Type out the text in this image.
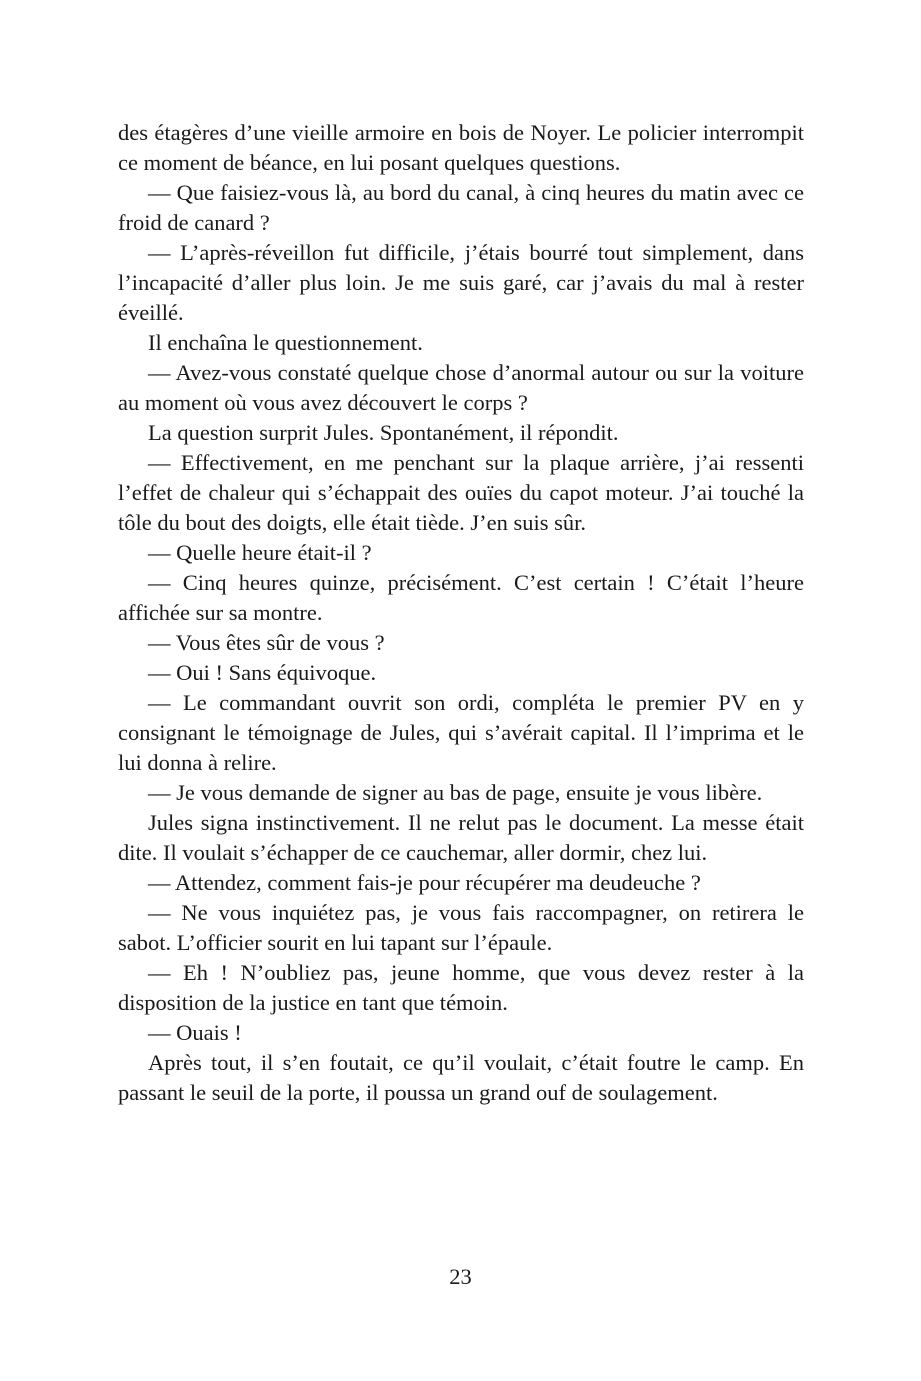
des étagères d’une vieille armoire en bois de Noyer. Le policier interrompit ce moment de béance, en lui posant quelques questions.

— Que faisiez-vous là, au bord du canal, à cinq heures du matin avec ce froid de canard ?

— L’après-réveillon fut difficile, j’étais bourré tout simplement, dans l’incapacité d’aller plus loin. Je me suis garé, car j’avais du mal à rester éveillé.

Il enchaîna le questionnement.

— Avez-vous constaté quelque chose d’anormal autour ou sur la voiture au moment où vous avez découvert le corps ?

La question surprit Jules. Spontanément, il répondit.

— Effectivement, en me penchant sur la plaque arrière, j’ai ressenti l’effet de chaleur qui s’échappait des ouïes du capot moteur. J’ai touché la tôle du bout des doigts, elle était tiède. J’en suis sûr.

— Quelle heure était-il ?

— Cinq heures quinze, précisément. C’est certain ! C’était l’heure affichée sur sa montre.

— Vous êtes sûr de vous ?

— Oui ! Sans équivoque.

— Le commandant ouvrit son ordi, compléta le premier PV en y consignant le témoignage de Jules, qui s’avérait capital. Il l’imprima et le lui donna à relire.

— Je vous demande de signer au bas de page, ensuite je vous libère.

Jules signa instinctivement. Il ne relut pas le document. La messe était dite. Il voulait s’échapper de ce cauchemar, aller dormir, chez lui.

— Attendez, comment fais-je pour récupérer ma deudeuche ?

— Ne vous inquiétez pas, je vous fais raccompagner, on retirera le sabot. L’officier sourit en lui tapant sur l’épaule.

— Eh ! N’oubliez pas, jeune homme, que vous devez rester à la disposition de la justice en tant que témoin.

— Ouais !

Après tout, il s’en foutait, ce qu’il voulait, c’était foutre le camp. En passant le seuil de la porte, il poussa un grand ouf de soulagement.

23
